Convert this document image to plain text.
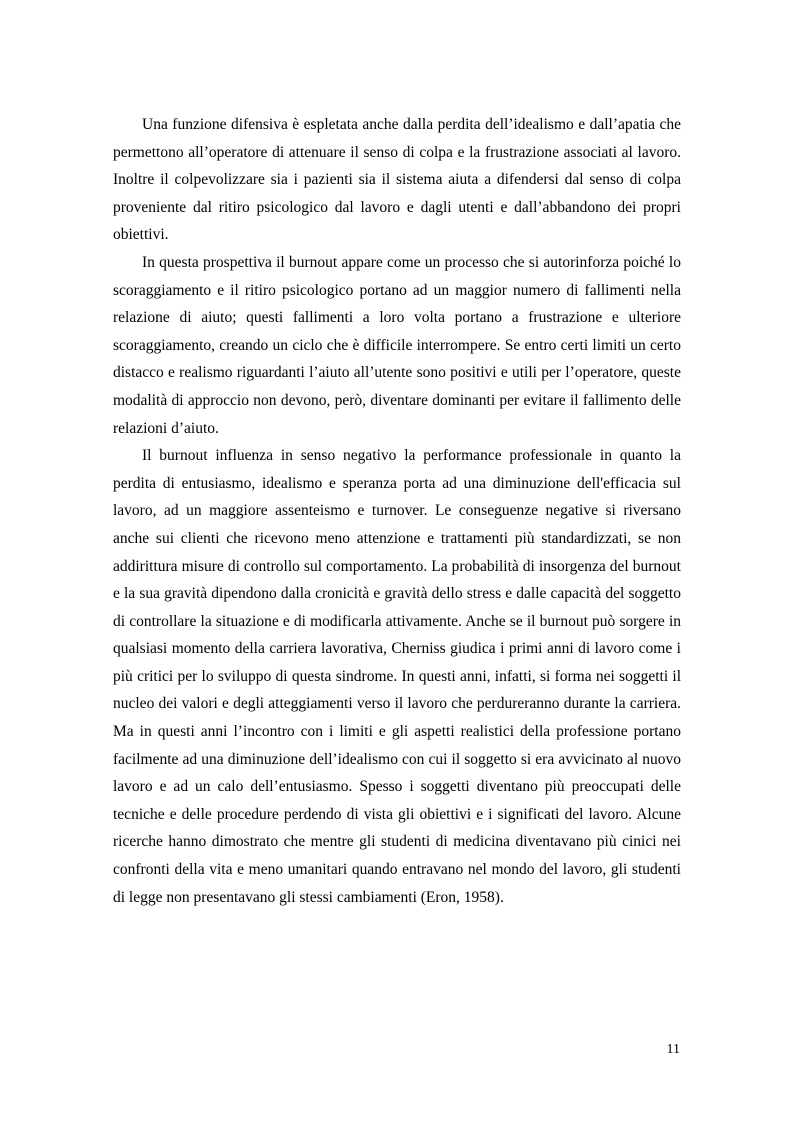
Una funzione difensiva è espletata anche dalla perdita dell’idealismo e dall’apatia che permettono all’operatore di attenuare il senso di colpa e la frustrazione associati al lavoro. Inoltre il colpevolizzare sia i pazienti sia il sistema aiuta a difendersi dal senso di colpa proveniente dal ritiro psicologico dal lavoro e dagli utenti e dall’abbandono dei propri obiettivi.

In questa prospettiva il burnout appare come un processo che si autorinforza poiché lo scoraggiamento e il ritiro psicologico portano ad un maggior numero di fallimenti nella relazione di aiuto; questi fallimenti a loro volta portano a frustrazione e ulteriore scoraggiamento, creando un ciclo che è difficile interrompere. Se entro certi limiti un certo distacco e realismo riguardanti l’aiuto all’utente sono positivi e utili per l’operatore, queste modalità di approccio non devono, però, diventare dominanti per evitare il fallimento delle relazioni d’aiuto.

Il burnout influenza in senso negativo la performance professionale in quanto la perdita di entusiasmo, idealismo e speranza porta ad una diminuzione dell'efficacia sul lavoro, ad un maggiore assenteismo e turnover. Le conseguenze negative si riversano anche sui clienti che ricevono meno attenzione e trattamenti più standardizzati, se non addirittura misure di controllo sul comportamento. La probabilità di insorgenza del burnout e la sua gravità dipendono dalla cronicità e gravità dello stress e dalle capacità del soggetto di controllare la situazione e di modificarla attivamente. Anche se il burnout può sorgere in qualsiasi momento della carriera lavorativa, Cherniss giudica i primi anni di lavoro come i più critici per lo sviluppo di questa sindrome. In questi anni, infatti, si forma nei soggetti il nucleo dei valori e degli atteggiamenti verso il lavoro che perdureranno durante la carriera. Ma in questi anni l’incontro con i limiti e gli aspetti realistici della professione portano facilmente ad una diminuzione dell’idealismo con cui il soggetto si era avvicinato al nuovo lavoro e ad un calo dell’entusiasmo. Spesso i soggetti diventano più preoccupati delle tecniche e delle procedure perdendo di vista gli obiettivi e i significati del lavoro. Alcune ricerche hanno dimostrato che mentre gli studenti di medicina diventavano più cinici nei confronti della vita e meno umanitari quando entravano nel mondo del lavoro, gli studenti di legge non presentavano gli stessi cambiamenti (Eron, 1958).

11
